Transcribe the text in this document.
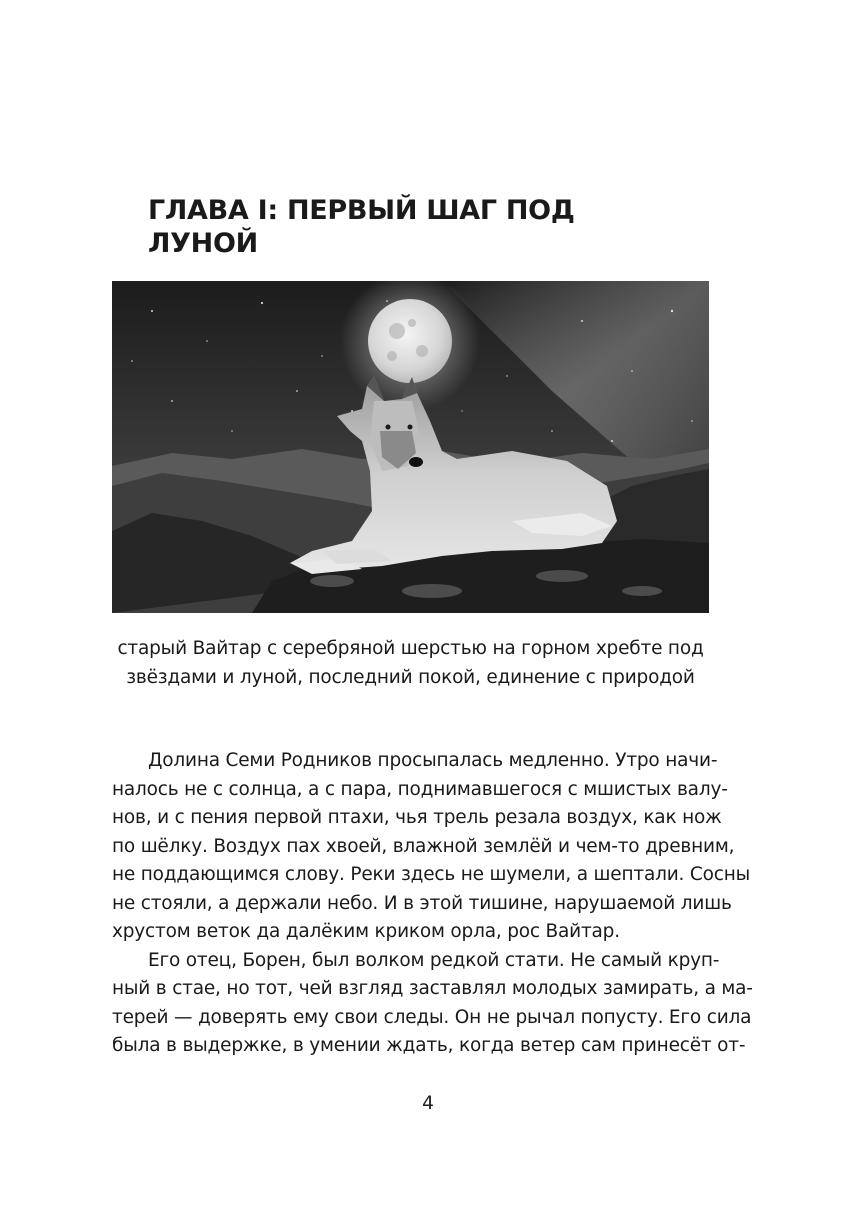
ГЛАВА I: ПЕРВЫЙ ШАГ ПОД
ЛУНОЙ
старый Вайтар с серебряной шерстью на горном хребте под
звёздами и луной, последний покой, единение с природой
Долина Семи Родников просыпалась медленно. Утро начи-
налось не с солнца, а с пара, поднимавшегося с мшистых валу-
нов, и с пения первой птахи, чья трель резала воздух, как нож
по шёлку. Воздух пах хвоей, влажной землёй и чем-то древним,
не поддающимся слову. Реки здесь не шумели, а шептали. Сосны
не стояли, а держали небо. И в этой тишине, нарушаемой лишь
хрустом веток да далёким криком орла, рос Вайтар.
Его отец, Борен, был волком редкой стати. Не самый круп-
ный в стае, но тот, чей взгляд заставлял молодых замирать, а ма-
терей — доверять ему свои следы. Он не рычал попусту. Его сила
была в выдержке, в умении ждать, когда ветер сам принесёт от-
4
